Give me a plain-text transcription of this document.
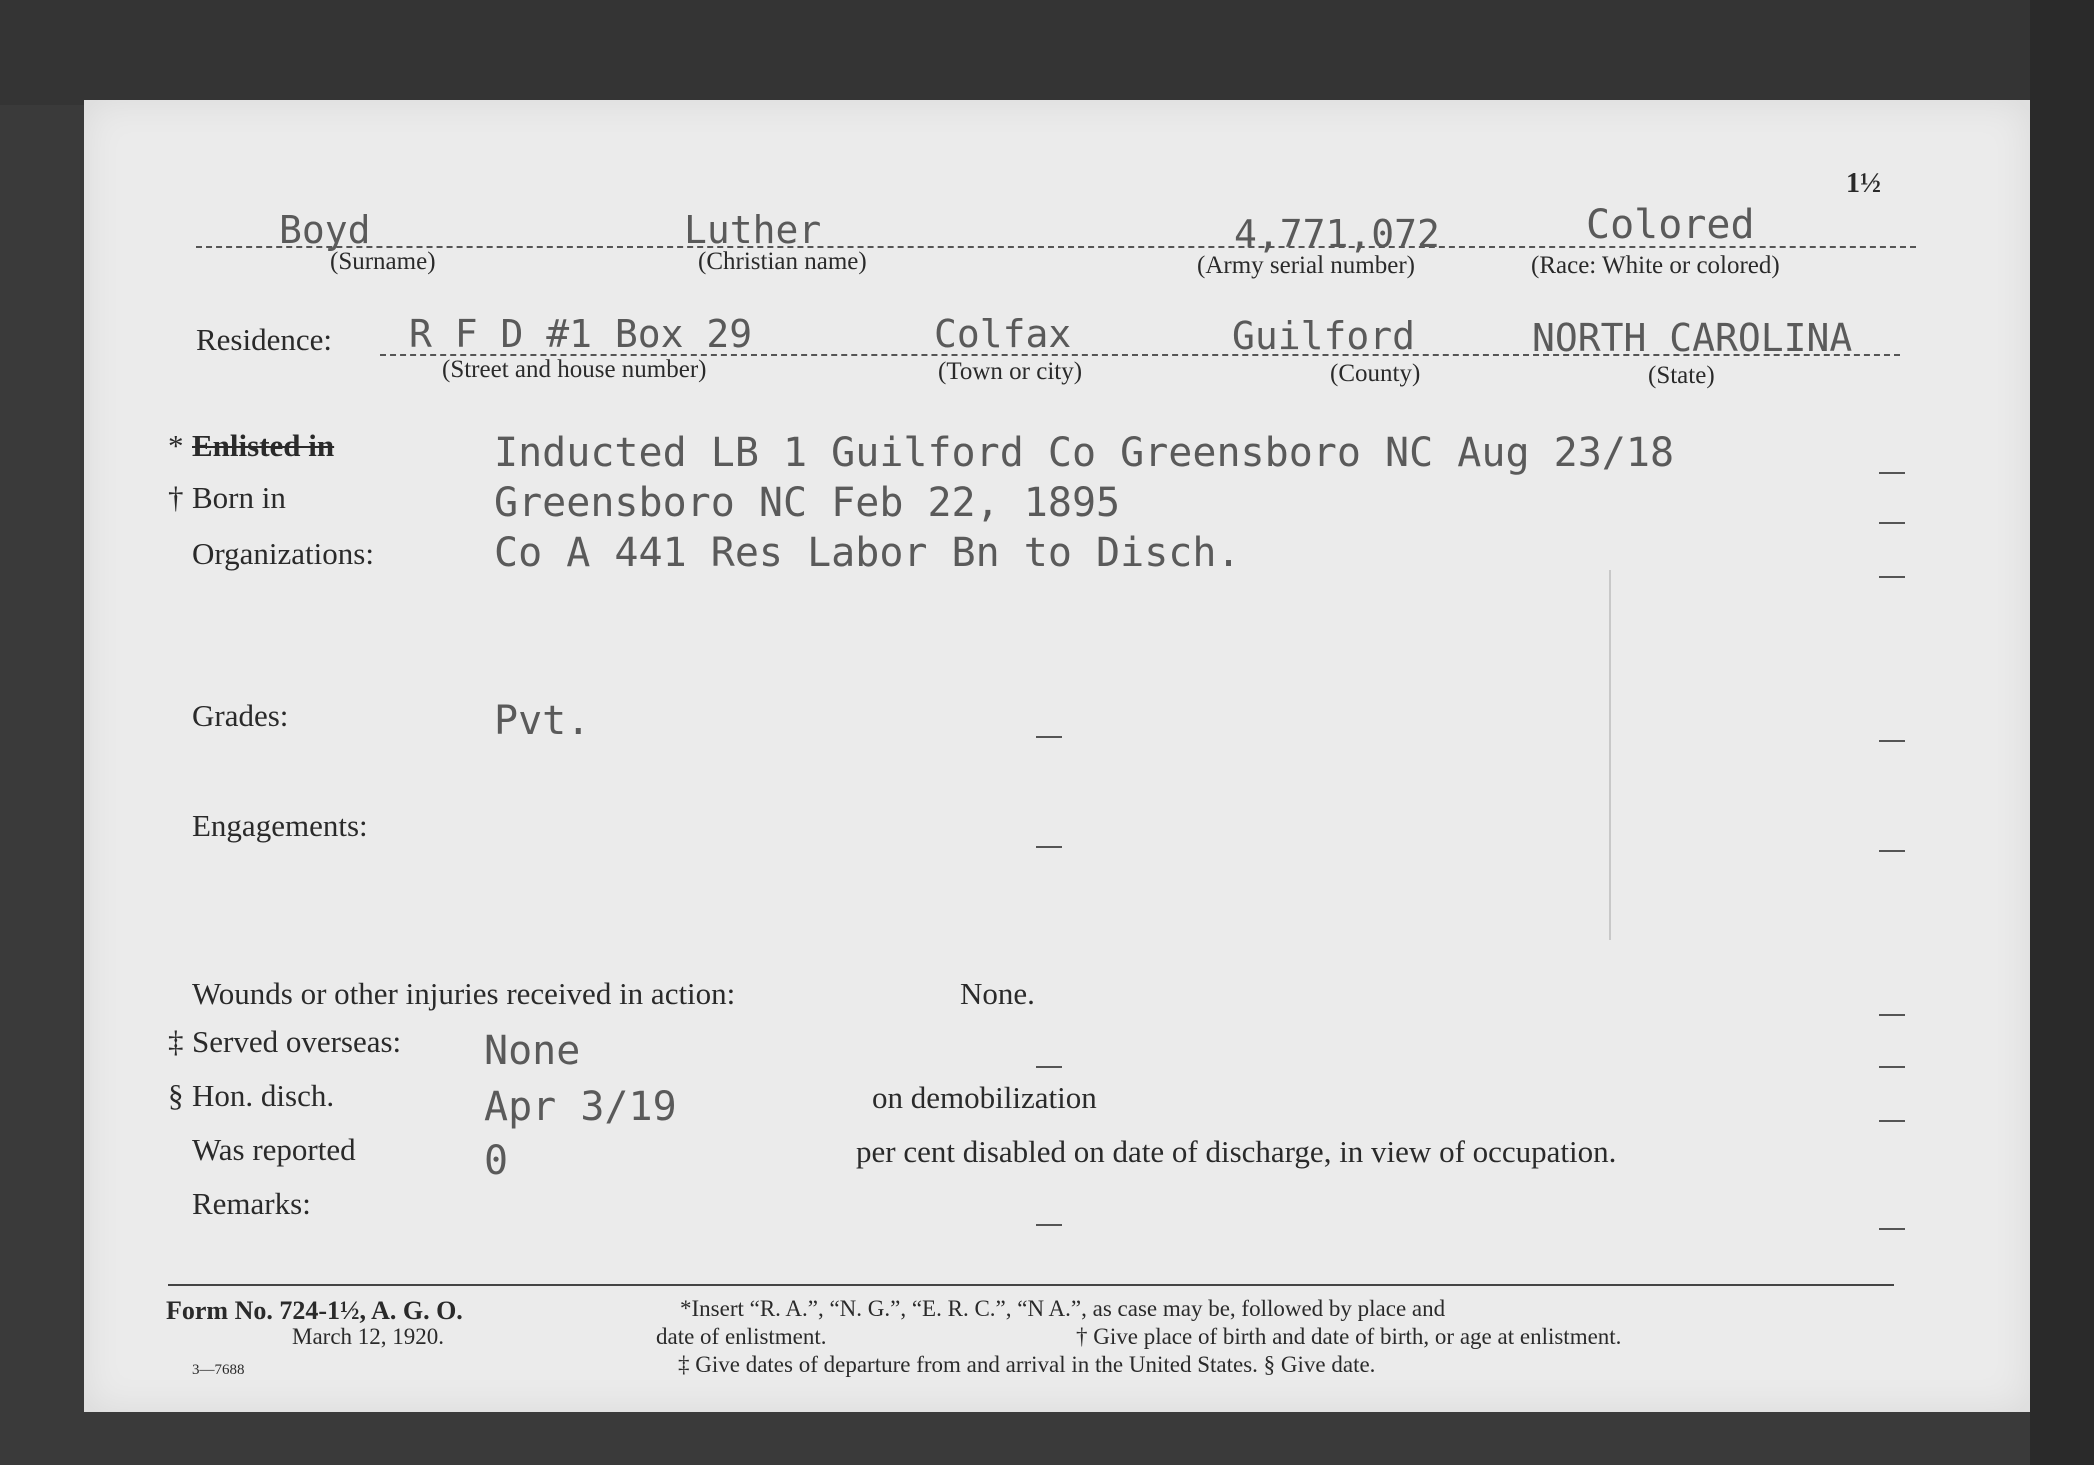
1½
Boyd	Luther	4,771,072	Colored
(Surname)	(Christian name)	(Army serial number)	(Race: White or colored)
Residence: R F D #1 Box 29	Colfax	Guilford	NORTH CAROLINA
(Street and house number)	(Town or city)	(County)	(State)
* Enlisted in	Inducted LB 1 Guilford Co Greensboro NC Aug 23/18
† Born in	Greensboro NC Feb 22, 1895
Organizations:	Co A 441 Res Labor Bn to Disch.
Grades:	Pvt.
Engagements:
Wounds or other injuries received in action:	None.
‡ Served overseas: None
§ Hon. disch.	Apr 3/19	on demobilization
Was reported	0	per cent disabled on date of discharge, in view of occupation.
Remarks:
Form No. 724-1½, A. G. O.
March 12, 1920.
3—7688
*Insert “R. A.”, “N. G.”, “E. R. C.”, “N A.”, as case may be, followed by place and
date of enlistment.	† Give place of birth and date of birth, or age at enlistment.
‡ Give dates of departure from and arrival in the United States. § Give date.
